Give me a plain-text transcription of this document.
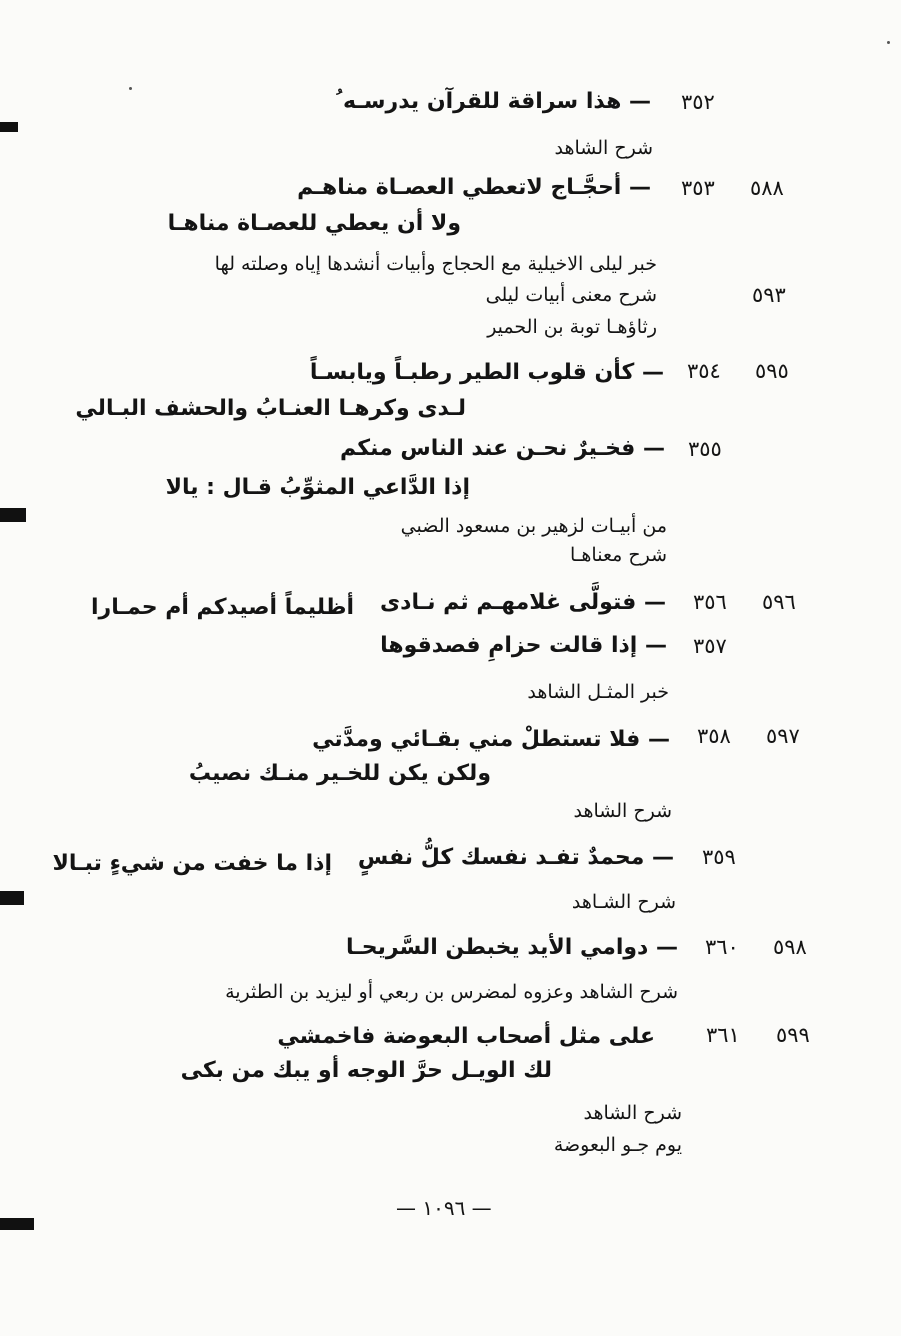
٣٥٢
— هذا سراقة للقرآن يدرسـه ُ
شرح الشاهد
٥٨٨
٣٥٣
— أحجَّـاج لاتعطي العصـاة مناهـم
ولا أن يعطي للعصـاة مناهـا
خبر ليلى الاخيلية مع الحجاج وأبيات أنشدها إياه وصلته لها
٥٩٣
شرح معنى أبيات ليلى
رثاؤهـا توبة بن الحمير
٥٩٥
٣٥٤
— كأن قلوب الطير رطبـاً ويابسـاً
لـدى وكرهـا العنـابُ والحشف البـالي
٣٥٥
— فخـيرٌ نحـن عند الناس منكم
إذا الدَّاعي المثوِّبُ قـال : يالا
من أبيـات لزهير بن مسعود الضبي
شرح معناهـا
٥٩٦
٣٥٦
— فتولَّى غلامهـم ثم نـادى
أظليماً أصيدكم أم حمـارا
٣٥٧
— إذا قالت حزامِ فصدقوها
خبر المثـل الشاهد
٥٩٧
٣٥٨
— فلا تستطلْ مني بقـائي ومدَّتي
ولكن يكن للخـير منـك نصيبُ
شرح الشاهد
٣٥٩
— محمدٌ تفـد نفسك كلُّ نفسٍ
إذا ما خفت من شيءٍ تبـالا
شرح الشـاهد
٥٩٨
٣٦٠
— دوامي الأيد يخبطن السَّريحـا
شرح الشاهد وعزوه لمضرس بن ربعي أو ليزيد بن الطثرية
٥٩٩
٣٦١
على مثل أصحاب البعوضة فاخمشي
لك الويـل حرَّ الوجه أو يبك من بكى
شرح الشاهد
يوم جـو البعوضة
— ١٠٩٦ —
